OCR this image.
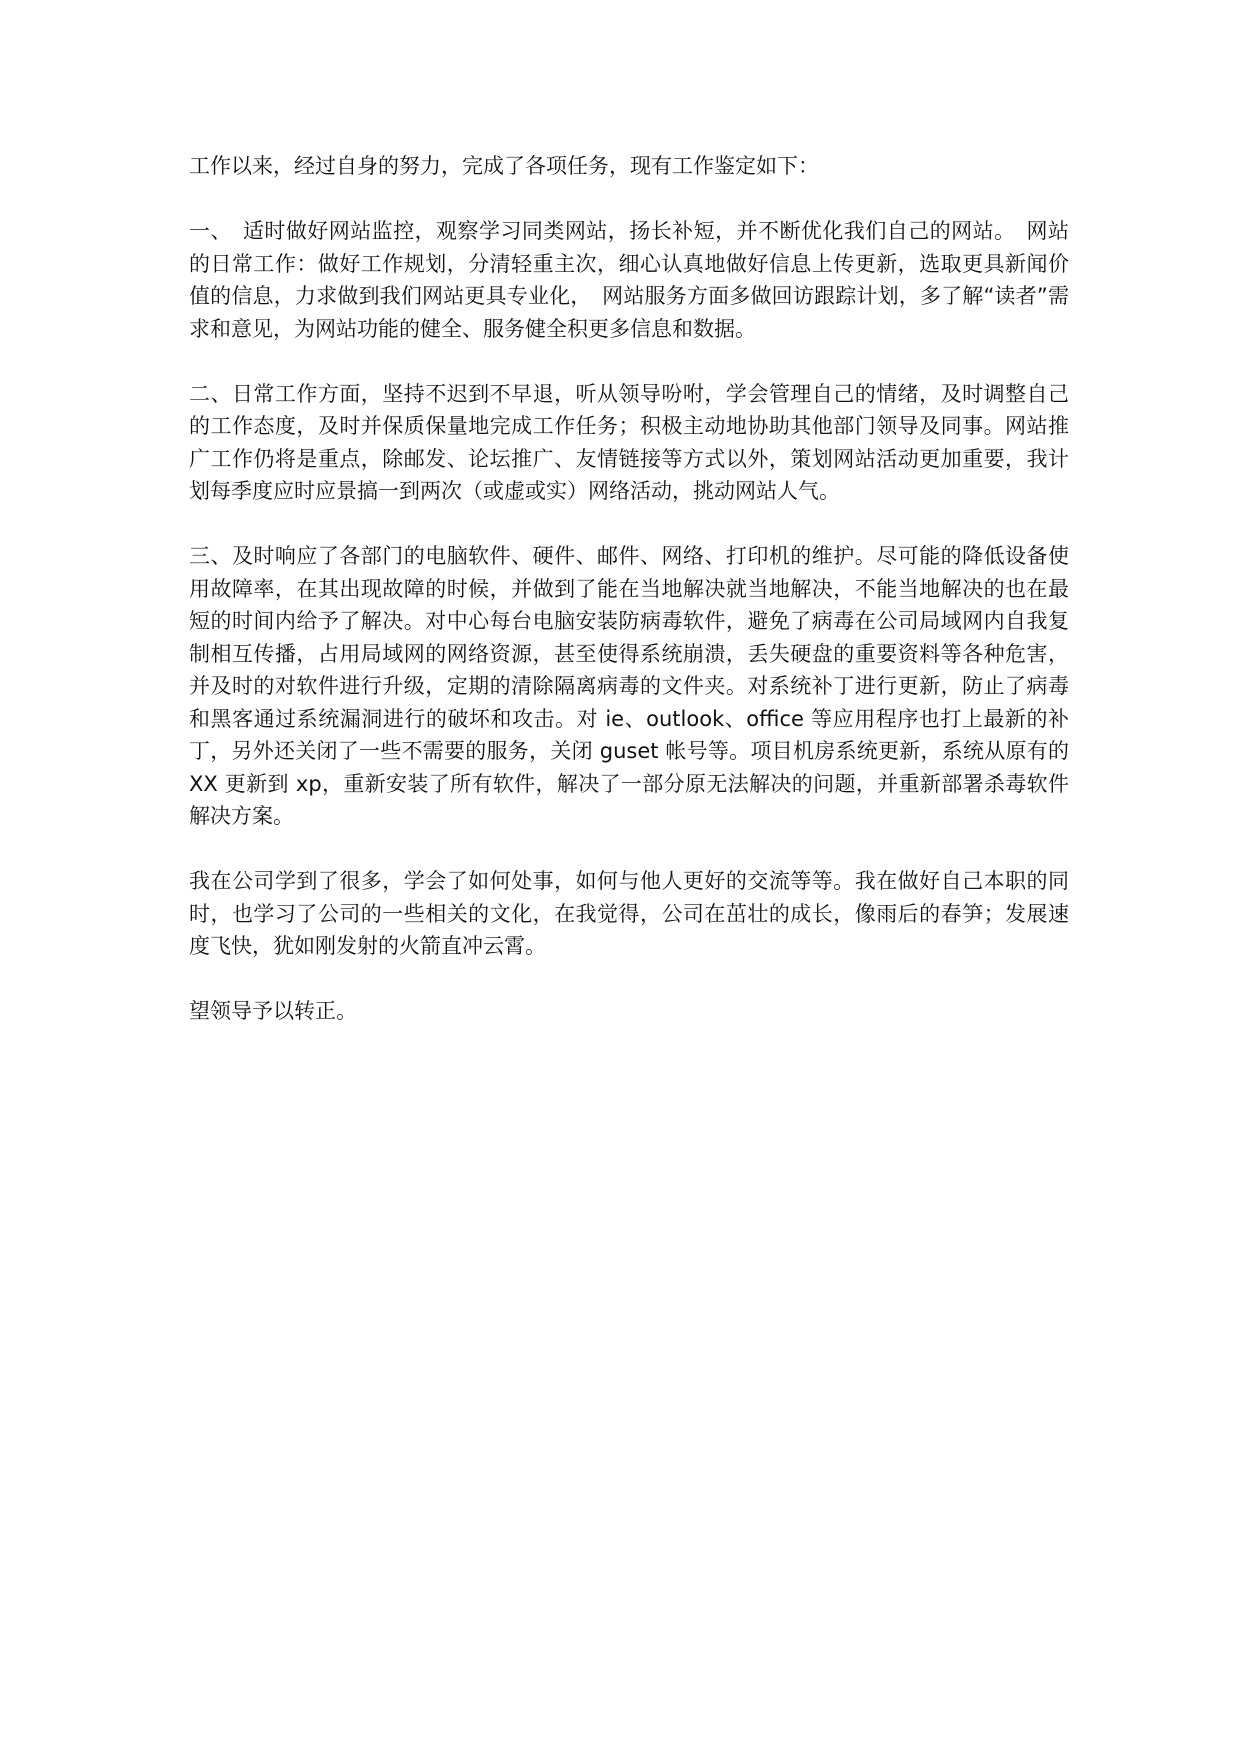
工作以来，经过自身的努力，完成了各项任务，现有工作鉴定如下：

一、　适时做好网站监控，观察学习同类网站，扬长补短，并不断优化我们自己的网站。　网站的日常工作：做好工作规划，分清轻重主次，细心认真地做好信息上传更新，选取更具新闻价值的信息，力求做到我们网站更具专业化，　网站服务方面多做回访跟踪计划，多了解“读者”需求和意见，为网站功能的健全、服务健全积更多信息和数据。

二、日常工作方面，坚持不迟到不早退，听从领导吩咐，学会管理自己的情绪，及时调整自己的工作态度，及时并保质保量地完成工作任务；积极主动地协助其他部门领导及同事。网站推广工作仍将是重点，除邮发、论坛推广、友情链接等方式以外，策划网站活动更加重要，我计划每季度应时应景搞一到两次（或虚或实）网络活动，挑动网站人气。

三、及时响应了各部门的电脑软件、硬件、邮件、网络、打印机的维护。尽可能的降低设备使用故障率，在其出现故障的时候，并做到了能在当地解决就当地解决，不能当地解决的也在最短的时间内给予了解决。对中心每台电脑安装防病毒软件，避免了病毒在公司局域网内自我复制相互传播，占用局域网的网络资源，甚至使得系统崩溃，丢失硬盘的重要资料等各种危害，并及时的对软件进行升级，定期的清除隔离病毒的文件夹。对系统补丁进行更新，防止了病毒和黑客通过系统漏洞进行的破坏和攻击。对 ie、outlook、office 等应用程序也打上最新的补丁，另外还关闭了一些不需要的服务，关闭 guset 帐号等。项目机房系统更新，系统从原有的 XX 更新到 xp，重新安装了所有软件，解决了一部分原无法解决的问题，并重新部署杀毒软件解决方案。

我在公司学到了很多，学会了如何处事，如何与他人更好的交流等等。我在做好自己本职的同时，也学习了公司的一些相关的文化，在我觉得，公司在茁壮的成长，像雨后的春笋；发展速度飞快，犹如刚发射的火箭直冲云霄。

望领导予以转正。
